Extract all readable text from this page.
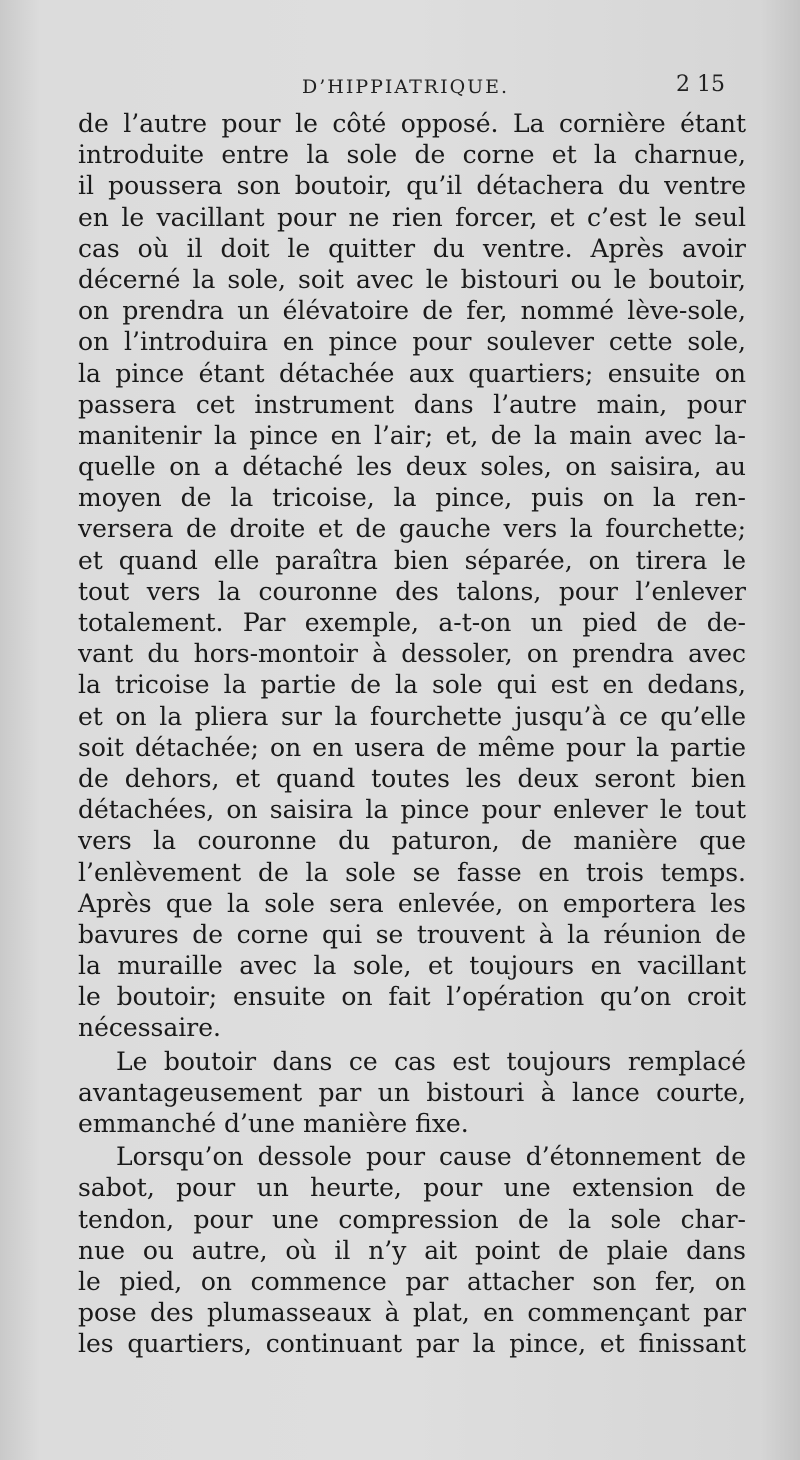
D’HIPPIATRIQUE.	2 15
de l’autre pour le côté opposé. La cornière étant
introduite entre la sole de corne et la charnue,
il poussera son boutoir, qu’il détachera du ventre
en le vacillant pour ne rien forcer, et c’est le seul
cas où il doit le quitter du ventre. Après avoir
décerné la sole, soit avec le bistouri ou le boutoir,
on prendra un élévatoire de fer, nommé lève-sole,
on l’introduira en pince pour soulever cette sole,
la pince étant détachée aux quartiers; ensuite on
passera cet instrument dans l’autre main, pour
manitenir la pince en l’air; et, de la main avec la-
quelle on a détaché les deux soles, on saisira, au
moyen de la tricoise, la pince, puis on la ren-
versera de droite et de gauche vers la fourchette;
et quand elle paraîtra bien séparée, on tirera le
tout vers la couronne des talons, pour l’enlever
totalement. Par exemple, a-t-on un pied de de-
vant du hors-montoir à dessoler, on prendra avec
la tricoise la partie de la sole qui est en dedans,
et on la pliera sur la fourchette jusqu’à ce qu’elle
soit détachée; on en usera de même pour la partie
de dehors, et quand toutes les deux seront bien
détachées, on saisira la pince pour enlever le tout
vers la couronne du paturon, de manière que
l’enlèvement de la sole se fasse en trois temps.
Après que la sole sera enlevée, on emportera les
bavures de corne qui se trouvent à la réunion de
la muraille avec la sole, et toujours en vacillant
le boutoir; ensuite on fait l’opération qu’on croit
nécessaire.
Le boutoir dans ce cas est toujours remplacé
avantageusement par un bistouri à lance courte,
emmanché d’une manière fixe.
Lorsqu’on dessole pour cause d’étonnement de
sabot, pour un heurte, pour une extension de
tendon, pour une compression de la sole char-
nue ou autre, où il n’y ait point de plaie dans
le pied, on commence par attacher son fer, on
pose des plumasseaux à plat, en commençant par
les quartiers, continuant par la pince, et finissant
